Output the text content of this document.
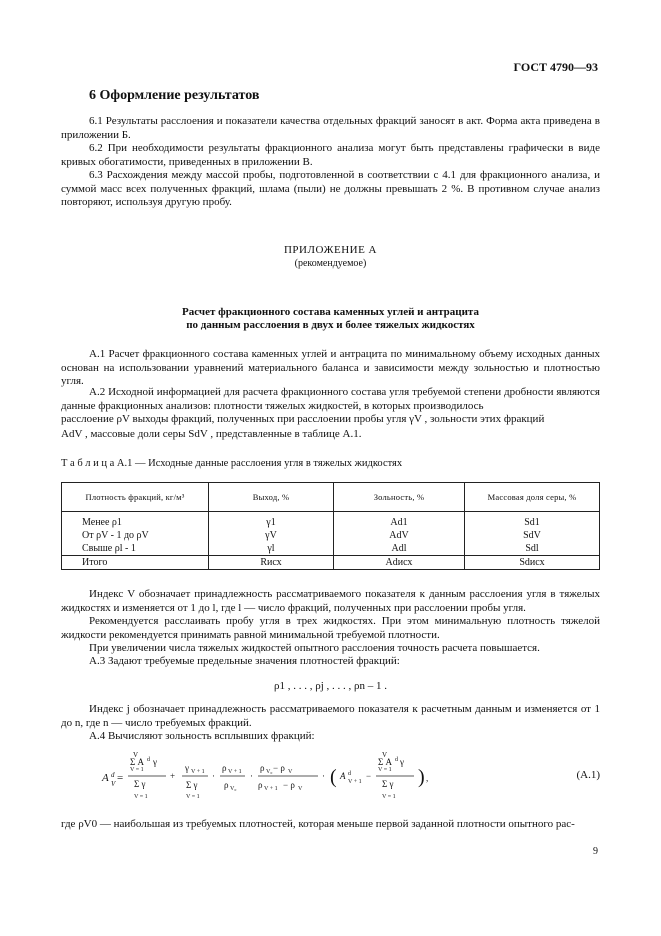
ГОСТ 4790—93
6 Оформление результатов
6.1 Результаты расслоения и показатели качества отдельных фракций заносят в акт. Форма акта приведена в приложении Б.
6.2 При необходимости результаты фракционного анализа могут быть представлены графически в виде кривых обогатимости, приведенных в приложении В.
6.3 Расхождения между массой пробы, подготовленной в соответствии с 4.1 для фракционного анализа, и суммой масс всех полученных фракций, шлама (пыли) не должны превышать 2 %. В противном случае анализ повторяют, используя другую пробу.
ПРИЛОЖЕНИЕ А
(рекомендуемое)
Расчет фракционного состава каменных углей и антрацита
по данным расслоения в двух и более тяжелых жидкостях
А.1 Расчет фракционного состава каменных углей и антрацита по минимальному объему исходных данных основан на использовании уравнений материального баланса и зависимости между зольностью и плотностью угля.
А.2 Исходной информацией для расчета фракционного состава угля требуемой степени дробности являются данные фракционных анализов: плотности тяжелых жидкостей, в которых производилось
расслоение ρV выходы фракций, полученных при расслоении пробы угля γV , зольности этих фракций
AdV , массовые доли серы SdV , представленные в таблице А.1.
Т а б л и ц а А.1 — Исходные данные расслоения угля в тяжелых жидкостях
Плотность фракций, кг/м³	Выход, %	Зольность, %	Массовая доля серы, %
Менее ρ1	γ1	Ad1	Sd1
От ρV - 1 до ρV	γV	AdV	SdV
Свыше ρl - 1	γl	Adl	Sdl
Итого	Rисх	Adисх	Sdисх
Индекс V обозначает принадлежность рассматриваемого показателя к данным расслоения угля в тяжелых жидкостях и изменяется от 1 до l, где l — число фракций, полученных при расслоении пробы угля.
Рекомендуется расслаивать пробу угля в трех жидкостях. При этом минимальную плотность тяжелой жидкости рекомендуется принимать равной минимальной требуемой плотности.
При увеличении числа тяжелых жидкостей опытного расслоения точность расчета повышается.
А.3 Задают требуемые предельные значения плотностей фракций:
ρ1 , . . . , ρj , . . . , ρn – 1 .
Индекс j обозначает принадлежность рассматриваемого показателя к расчетным данным и изменяется от 1 до n, где n — число требуемых фракций.
А.4 Вычисляют зольность всплывших фракций:
A d
V =
V
Σ A d γ
V = 1
Σ γ
V = 1
+
γ V + 1
Σ γ
V = 1
·
ρ V + 1
ρ V₀
·
ρ V₀ − ρ V
ρ V + 1 − ρ V
· ( A d
V + 1
−
V
Σ A d γ
V = 1
Σ γ
V = 1
) ,	(А.1)
где ρV0 — наибольшая из требуемых плотностей, которая меньше первой заданной плотности опытного рас-
9
